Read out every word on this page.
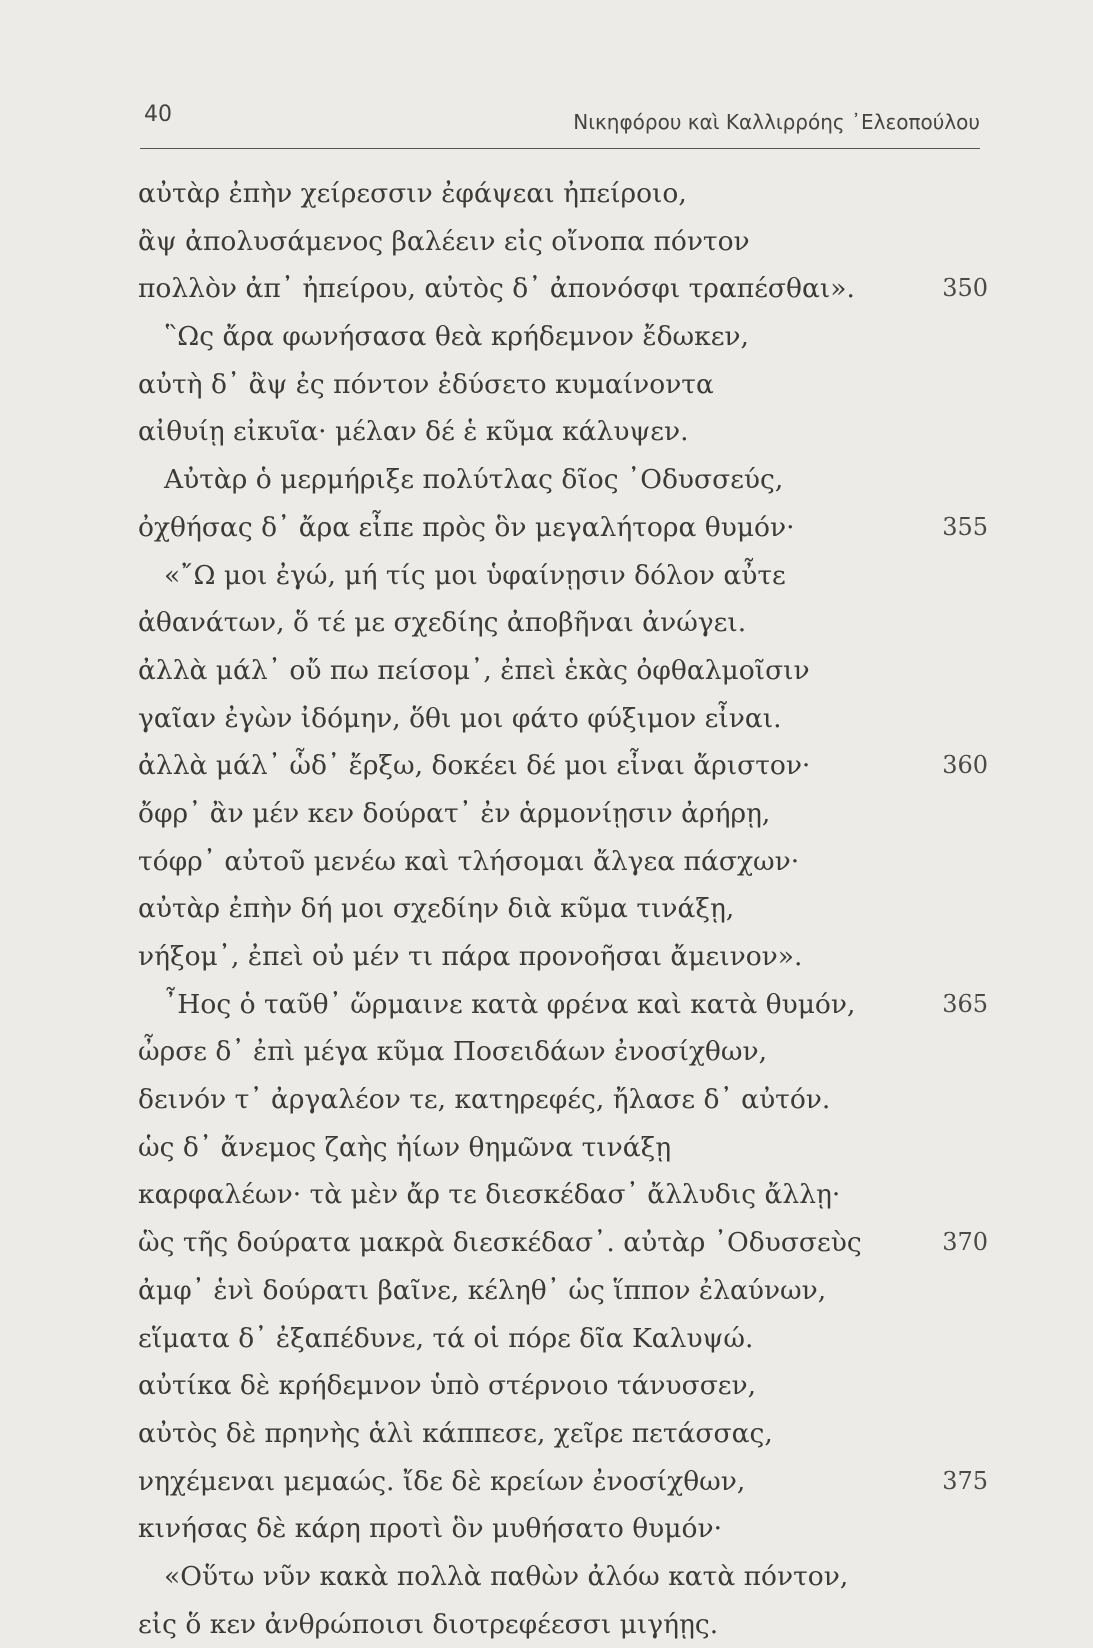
40	Νικηφόρου καὶ Καλλιρρόης ᾿Ελεοπούλου
αὐτὰρ ἐπὴν χείρεσσιν ἐφάψεαι ἠπείροιο,
ἂψ ἀπολυσάμενος βαλέειν εἰς οἴνοπα πόντον
πολλὸν ἀπ᾿ ἠπείρου, αὐτὸς δ᾿ ἀπονόσφι τραπέσθαι».	350
῝Ως ἄρα φωνήσασα θεὰ κρήδεμνον ἔδωκεν,
αὐτὴ δ᾿ ἂψ ἐς πόντον ἐδύσετο κυμαίνοντα
αἰθυίῃ εἰκυῖα· μέλαν δέ ἑ κῦμα κάλυψεν.
Αὐτὰρ ὁ μερμήριξε πολύτλας δῖος ᾿Οδυσσεύς,
ὀχθήσας δ᾿ ἄρα εἶπε πρὸς ὃν μεγαλήτορα θυμόν·	355
«῎Ω μοι ἐγώ, μή τίς μοι ὑφαίνῃσιν δόλον αὖτε
ἀθανάτων, ὅ τέ με σχεδίης ἀποβῆναι ἀνώγει.
ἀλλὰ μάλ᾿ οὔ πω πείσομ᾿, ἐπεὶ ἑκὰς ὀφθαλμοῖσιν
γαῖαν ἐγὼν ἰδόμην, ὅθι μοι φάτο φύξιμον εἶναι.
ἀλλὰ μάλ᾿ ὧδ᾿ ἔρξω, δοκέει δέ μοι εἶναι ἄριστον·	360
ὄφρ᾿ ἂν μέν κεν δούρατ᾿ ἐν ἁρμονίῃσιν ἀρήρῃ,
τόφρ᾿ αὐτοῦ μενέω καὶ τλήσομαι ἄλγεα πάσχων·
αὐτὰρ ἐπὴν δή μοι σχεδίην διὰ κῦμα τινάξῃ,
νήξομ᾿, ἐπεὶ οὐ μέν τι πάρα προνοῆσαι ἄμεινον».
῏Ηος ὁ ταῦθ᾿ ὥρμαινε κατὰ φρένα καὶ κατὰ θυμόν,	365
ὦρσε δ᾿ ἐπὶ μέγα κῦμα Ποσειδάων ἐνοσίχθων,
δεινόν τ᾿ ἀργαλέον τε, κατηρεφές, ἤλασε δ᾿ αὐτόν.
ὡς δ᾿ ἄνεμος ζαὴς ἠίων θημῶνα τινάξῃ
καρφαλέων· τὰ μὲν ἄρ τε διεσκέδασ᾿ ἄλλυδις ἄλλῃ·
ὣς τῆς δούρατα μακρὰ διεσκέδασ᾿. αὐτὰρ ᾿Οδυσσεὺς	370
ἀμφ᾿ ἑνὶ δούρατι βαῖνε, κέληθ᾿ ὡς ἵππον ἐλαύνων,
εἵματα δ᾿ ἐξαπέδυνε, τά οἱ πόρε δῖα Καλυψώ.
αὐτίκα δὲ κρήδεμνον ὑπὸ στέρνοιο τάνυσσεν,
αὐτὸς δὲ πρηνὴς ἁλὶ κάππεσε, χεῖρε πετάσσας,
νηχέμεναι μεμαώς. ἴδε δὲ κρείων ἐνοσίχθων,	375
κινήσας δὲ κάρη προτὶ ὃν μυθήσατο θυμόν·
«Οὕτω νῦν κακὰ πολλὰ παθὼν ἀλόω κατὰ πόντον,
εἰς ὅ κεν ἀνθρώποισι διοτρεφέεσσι μιγήῃς.
